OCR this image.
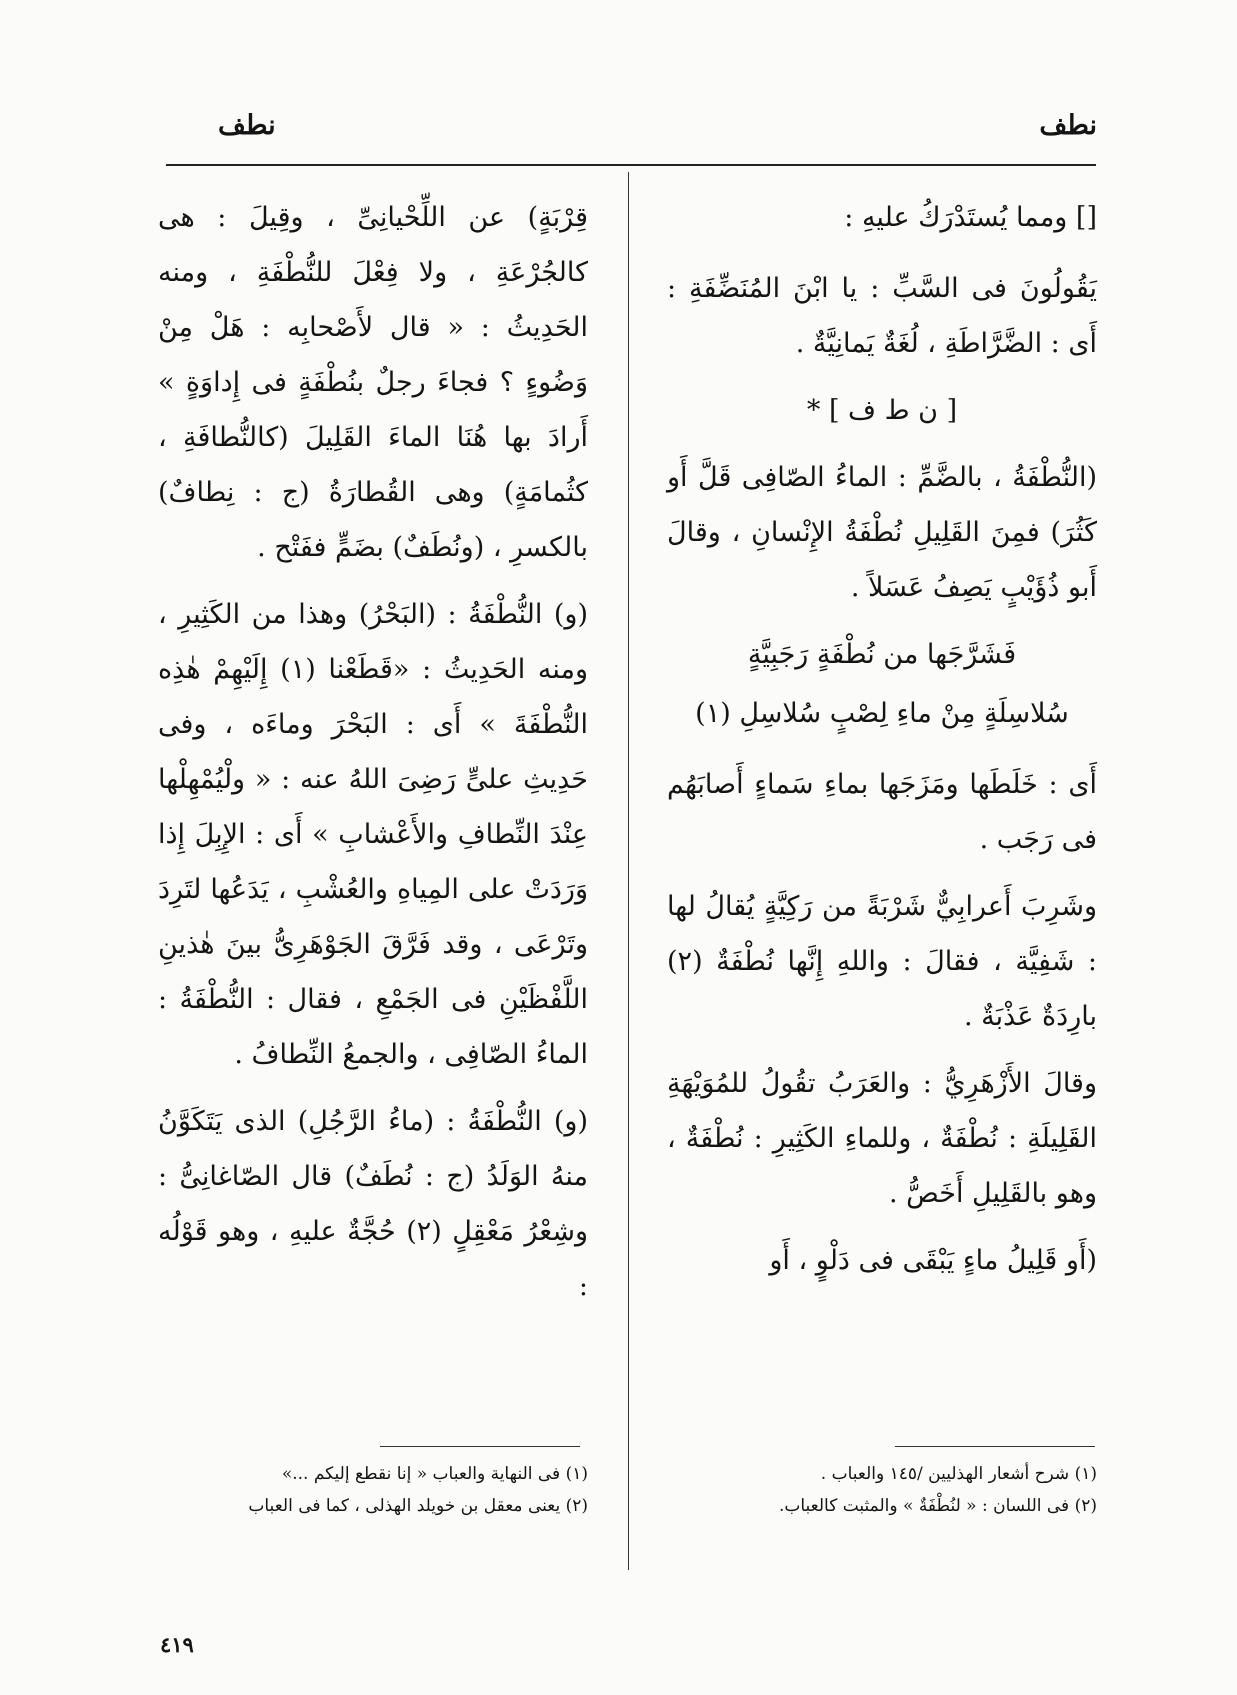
نطف
نطف

[] ومما يُستَدْرَكُ عليهِ :

يَقُولُونَ فى السَّبِّ : يا ابْنَ المُنَضِّفَةِ : أَى : الضَّرَّاطَةِ ، لُغَةٌ يَمانِيَّةٌ .

[ ن ط ف ] *

(النُّطْفَةُ ، بالضَّمِّ : الماءُ الصّافِى قَلَّ أَو كَثُرَ) فمِنَ القَلِيلِ نُطْفَةُ الإِنْسانِ ، وقالَ أَبو ذُؤَيْبٍ يَصِفُ عَسَلاً .

فَشَرَّجَها من نُطْفَةٍ رَجَبِيَّةٍ

سُلاسِلَةٍ مِنْ ماءِ لِصْبٍ سُلاسِلِ (١)

أَى : خَلَطَها ومَزَجَها بماءِ سَماءٍ أَصابَهُم فى رَجَب .

وشَرِبَ أَعرابِيٌّ شَرْبَةً من رَكِيَّةٍ يُقالُ لها : شَفِيَّة ، فقالَ : واللهِ إِنَّها نُطْفَةٌ (٢) بارِدَةٌ عَذْبَةٌ .

وقالَ الأَزْهَرِيُّ : والعَرَبُ تقُولُ للمُوَيْهَةِ القَلِيلَةِ : نُطْفَةٌ ، وللماءِ الكَثِيرِ : نُطْفَةٌ ، وهو بالقَلِيلِ أَخَصُّ .

(أَو قَلِيلُ ماءٍ يَبْقَى فى دَلْوٍ ، أَو

قِرْبَةٍ) عن اللِّحْيانِىِّ ، وقِيلَ : هى كالجُرْعَةِ ، ولا فِعْلَ للنُّطْفَةِ ، ومنه الحَدِيثُ : « قال لأَصْحابِه : هَلْ مِنْ وَضُوءٍ ؟ فجاءَ رجلٌ بنُطْفَةٍ فى إِداوَةٍ » أَرادَ بها هُنَا الماءَ القَلِيلَ (كالنُّطافَةِ ، كثُمامَةٍ) وهى القُطارَةُ (ج : نِطافٌ) بالكسرِ ، (ونُطَفٌ) بضَمٍّ ففَتْح .

(و) النُّطْفَةُ : (البَحْرُ) وهذا من الكَثِيرِ ، ومنه الحَدِيثُ : «قَطَعْنا (١) إِلَيْهِمْ هٰذِه النُّطْفَةَ » أَى : البَحْرَ وماءَه ، وفى حَدِيثِ علىٍّ رَضِىَ اللهُ عنه : « ولْيُمْهِلْها عِنْدَ النِّطافِ والأَعْشابِ » أَى : الإِبِلَ إِذا وَرَدَتْ على المِياهِ والعُشْبِ ، يَدَعُها لتَرِدَ وتَرْعَى ، وقد فَرَّقَ الجَوْهَرِىُّ بينَ هٰذينِ اللَّفْظَيْنِ فى الجَمْعِ ، فقال : النُّطْفَةُ : الماءُ الصّافِى ، والجمعُ النِّطافُ .

(و) النُّطْفَةُ : (ماءُ الرَّجُلِ) الذى يَتَكَوَّنُ منهُ الوَلَدُ (ج : نُطَفٌ) قال الصّاغانِىُّ : وشِعْرُ مَعْقِلٍ (٢) حُجَّةٌ عليهِ ، وهو قَوْلُه :

(١) شرح أشعار الهذليين /١٤٥ والعباب .
(٢) فى اللسان : « لنُطْفَةٌ » والمثبت كالعباب.
(١) فى النهاية والعباب « إنا نقطع إليكم ...»
(٢) يعنى معقل بن خويلد الهذلى ، كما فى العباب
٤١٩
